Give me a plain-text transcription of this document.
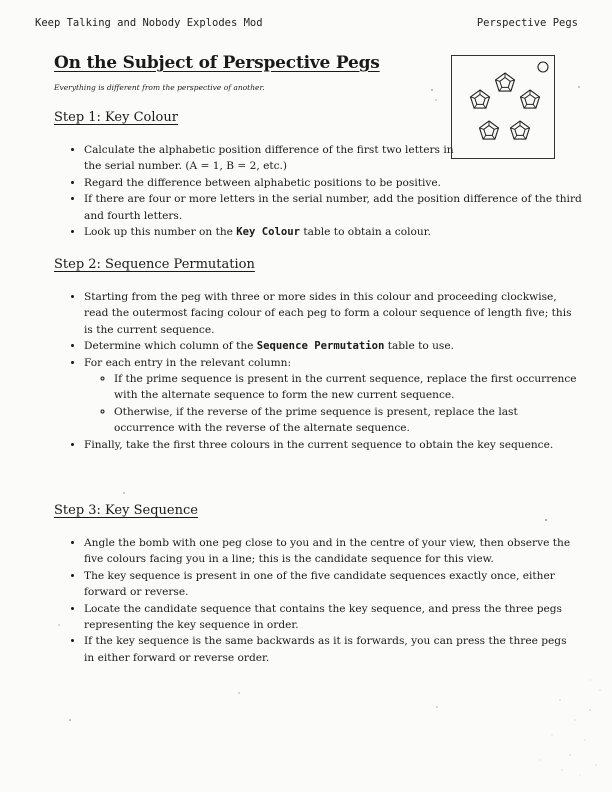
Keep Talking and Nobody Explodes Mod	Perspective Pegs
On the Subject of Perspective Pegs

Everything is different from the perspective of another.

Step 1: Key Colour
• Calculate the alphabetic position difference of the first two letters in the serial number. (A = 1, B = 2, etc.)
• Regard the difference between alphabetic positions to be positive.
• If there are four or more letters in the serial number, add the position difference of the third and fourth letters.
• Look up this number on the Key Colour table to obtain a colour.
Step 2: Sequence Permutation
• Starting from the peg with three or more sides in this colour and proceeding clockwise, read the outermost facing colour of each peg to form a colour sequence of length five; this is the current sequence.
• Determine which column of the Sequence Permutation table to use.
• For each entry in the relevant column:
◦ If the prime sequence is present in the current sequence, replace the first occurrence with the alternate sequence to form the new current sequence.
◦ Otherwise, if the reverse of the prime sequence is present, replace the last occurrence with the reverse of the alternate sequence.
• Finally, take the first three colours in the current sequence to obtain the key sequence.
Step 3: Key Sequence
• Angle the bomb with one peg close to you and in the centre of your view, then observe the five colours facing you in a line; this is the candidate sequence for this view.
• The key sequence is present in one of the five candidate sequences exactly once, either forward or reverse.
• Locate the candidate sequence that contains the key sequence, and press the three pegs representing the key sequence in order.
• If the key sequence is the same backwards as it is forwards, you can press the three pegs in either forward or reverse order.
